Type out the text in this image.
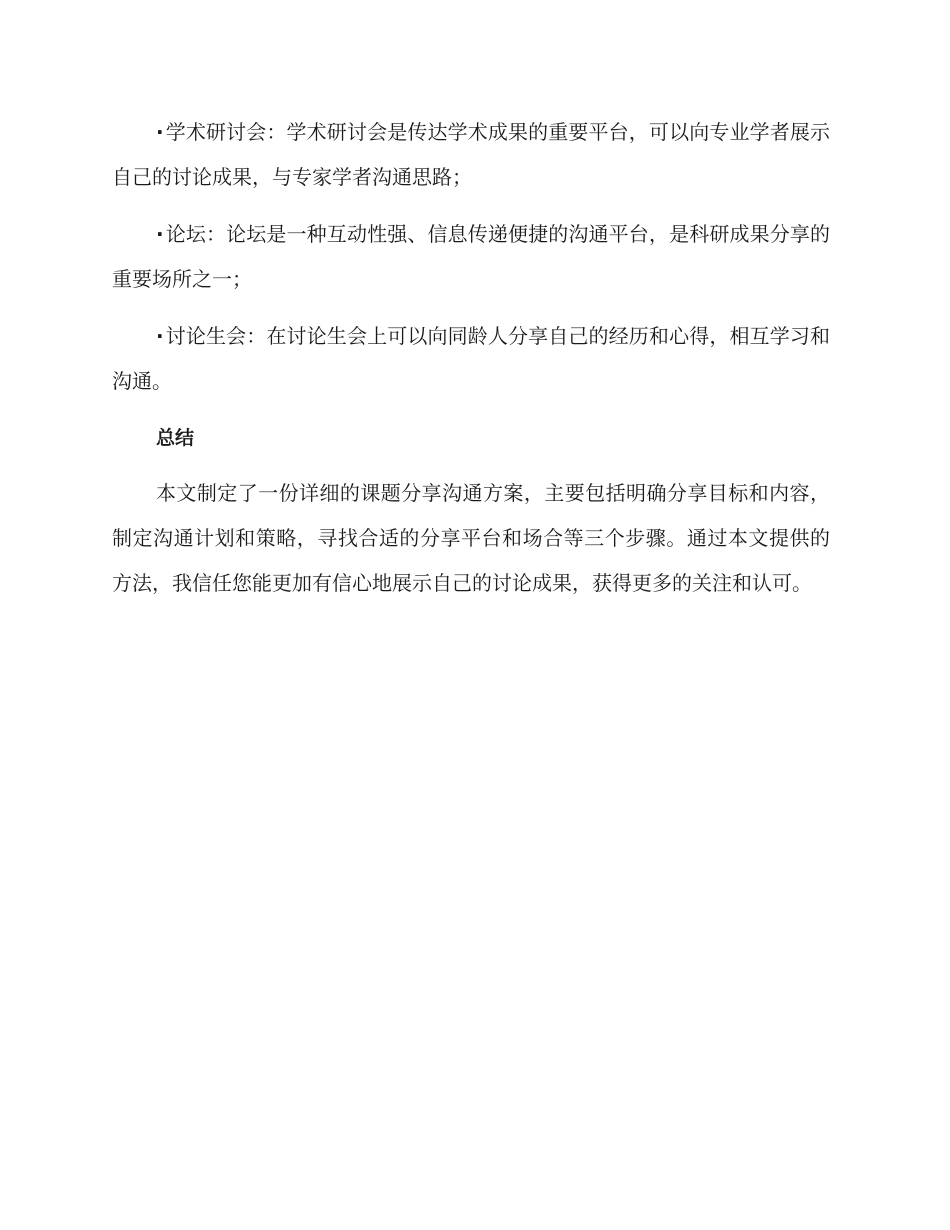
· 学术研讨会：学术研讨会是传达学术成果的重要平台，可以向专业学者展示自己的讨论成果，与专家学者沟通思路；

· 论坛：论坛是一种互动性强、信息传递便捷的沟通平台，是科研成果分享的重要场所之一；

· 讨论生会：在讨论生会上可以向同龄人分享自己的经历和心得，相互学习和沟通。

总结

本文制定了一份详细的课题分享沟通方案，主要包括明确分享目标和内容，制定沟通计划和策略，寻找合适的分享平台和场合等三个步骤。通过本文提供的方法，我信任您能更加有信心地展示自己的讨论成果，获得更多的关注和认可。
